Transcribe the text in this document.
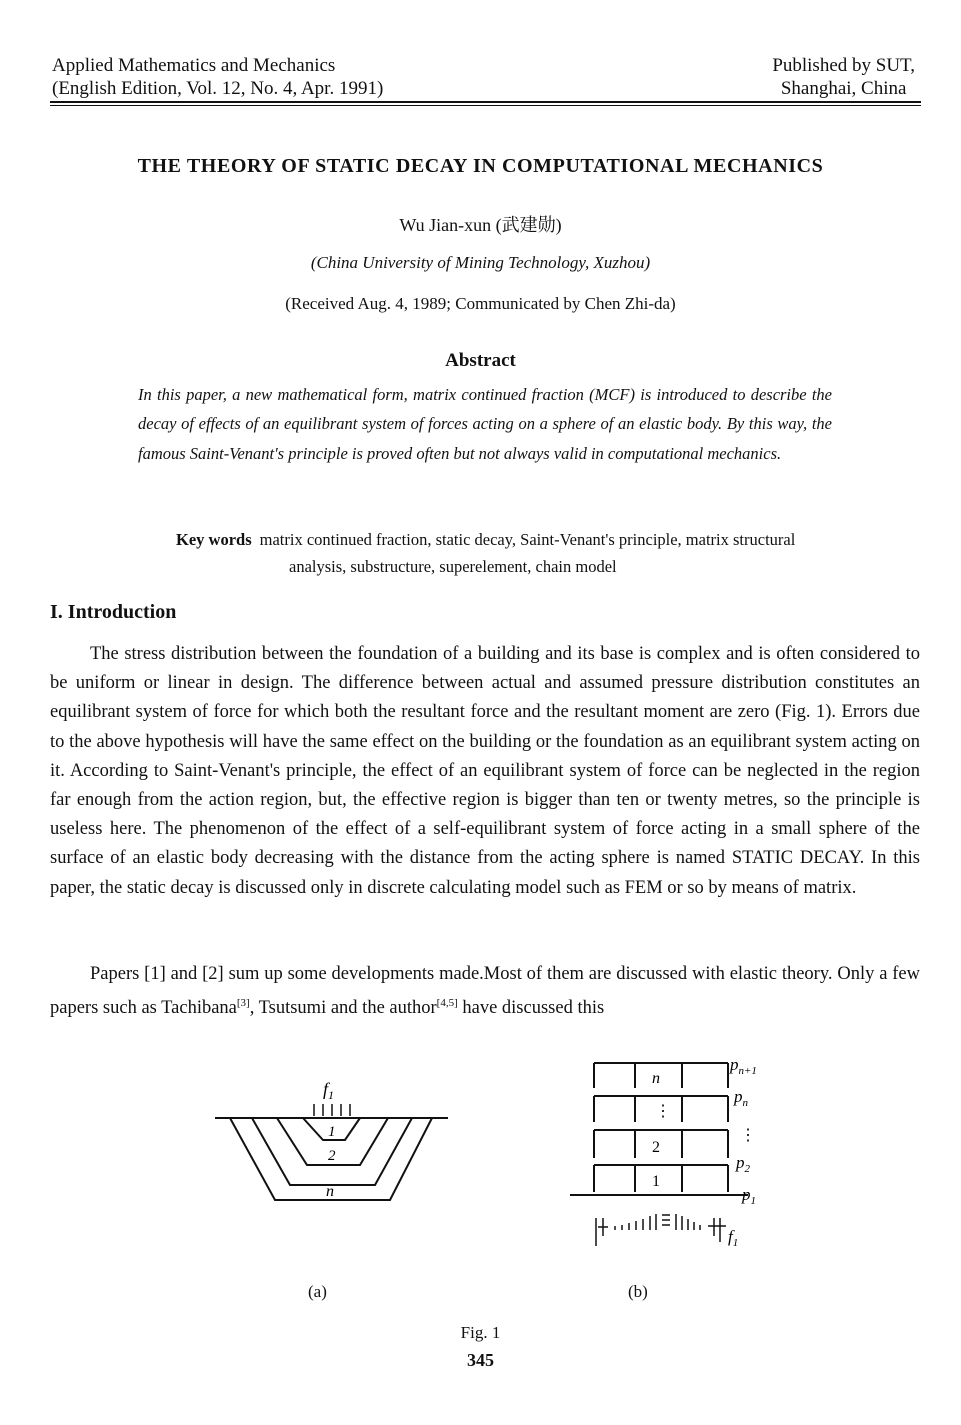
Applied Mathematics and Mechanics
(English Edition, Vol. 12, No. 4, Apr. 1991)
Published by SUT,
Shanghai, China
THE THEORY OF STATIC DECAY IN COMPUTATIONAL MECHANICS
Wu Jian-xun (武建勋)
(China University of Mining Technology, Xuzhou)
(Received Aug. 4, 1989; Communicated by Chen Zhi-da)
Abstract
In this paper, a new mathematical form, matrix continued fraction (MCF) is introduced to describe the decay of effects of an equilibrant system of forces acting on a sphere of an elastic body. By this way, the famous Saint-Venant's principle is proved often but not always valid in computational mechanics.
Key words matrix continued fraction, static decay, Saint-Venant's principle, matrix structural analysis, substructure, superelement, chain model
I. Introduction

The stress distribution between the foundation of a building and its base is complex and is often considered to be uniform or linear in design. The difference between actual and assumed pressure distribution constitutes an equilibrant system of force for which both the resultant force and the resultant moment are zero (Fig. 1). Errors due to the above hypothesis will have the same effect on the building or the foundation as an equilibrant system acting on it. According to Saint-Venant's principle, the effect of an equilibrant system of force can be neglected in the region far enough from the action region, but, the effective region is bigger than ten or twenty metres, so the principle is useless here. The phenomenon of the effect of a self-equilibrant system of force acting in a small sphere of the surface of an elastic body decreasing with the distance from the acting sphere is named STATIC DECAY. In this paper, the static decay is discussed only in discrete calculating model such as FEM or so by means of matrix.

Papers [1] and [2] sum up some developments made.Most of them are discussed with elastic theory. Only a few papers such as Tachibana[3], Tsutsumi and the author[4,5] have discussed this

$f_1$
1
2
n
n
⋮
2
1
$p_{n+1}$
$p_n$
⋮
$p_2$
$p_1$
$f_1$
(a)	(b)
Fig. 1
345
